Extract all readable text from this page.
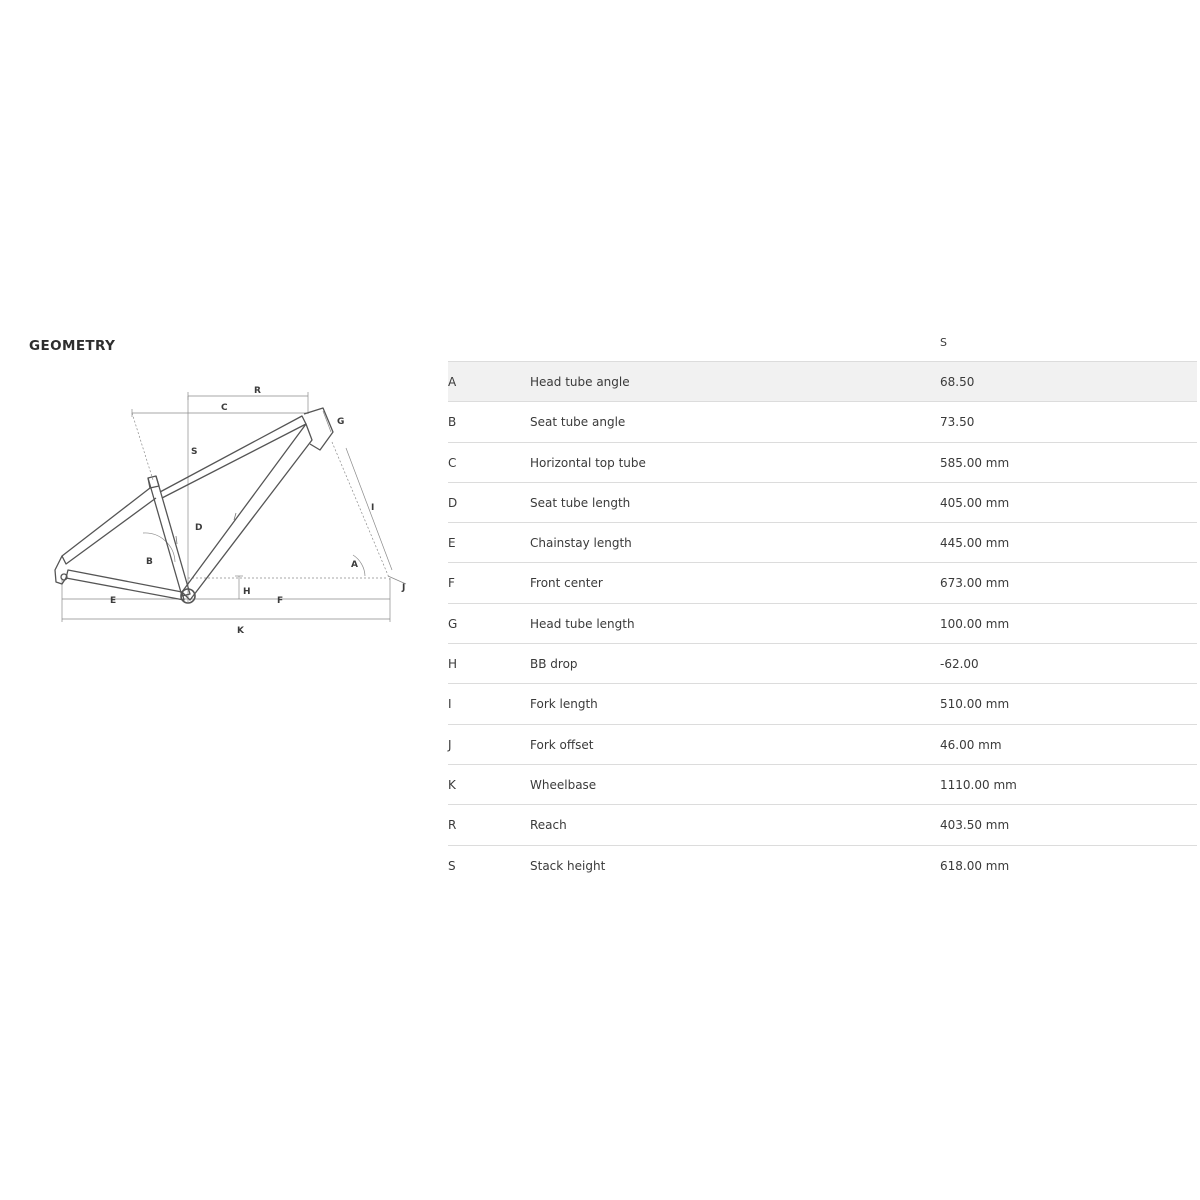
GEOMETRY
R
C
G
S
D
I
B	A
H	J
E	F
K
S
A	Head tube angle	68.50
B	Seat tube angle	73.50
C	Horizontal top tube	585.00 mm
D	Seat tube length	405.00 mm
E	Chainstay length	445.00 mm
F	Front center	673.00 mm
G	Head tube length	100.00 mm
H	BB drop	-62.00
I	Fork length	510.00 mm
J	Fork offset	46.00 mm
K	Wheelbase	1110.00 mm
R	Reach	403.50 mm
S	Stack height	618.00 mm
